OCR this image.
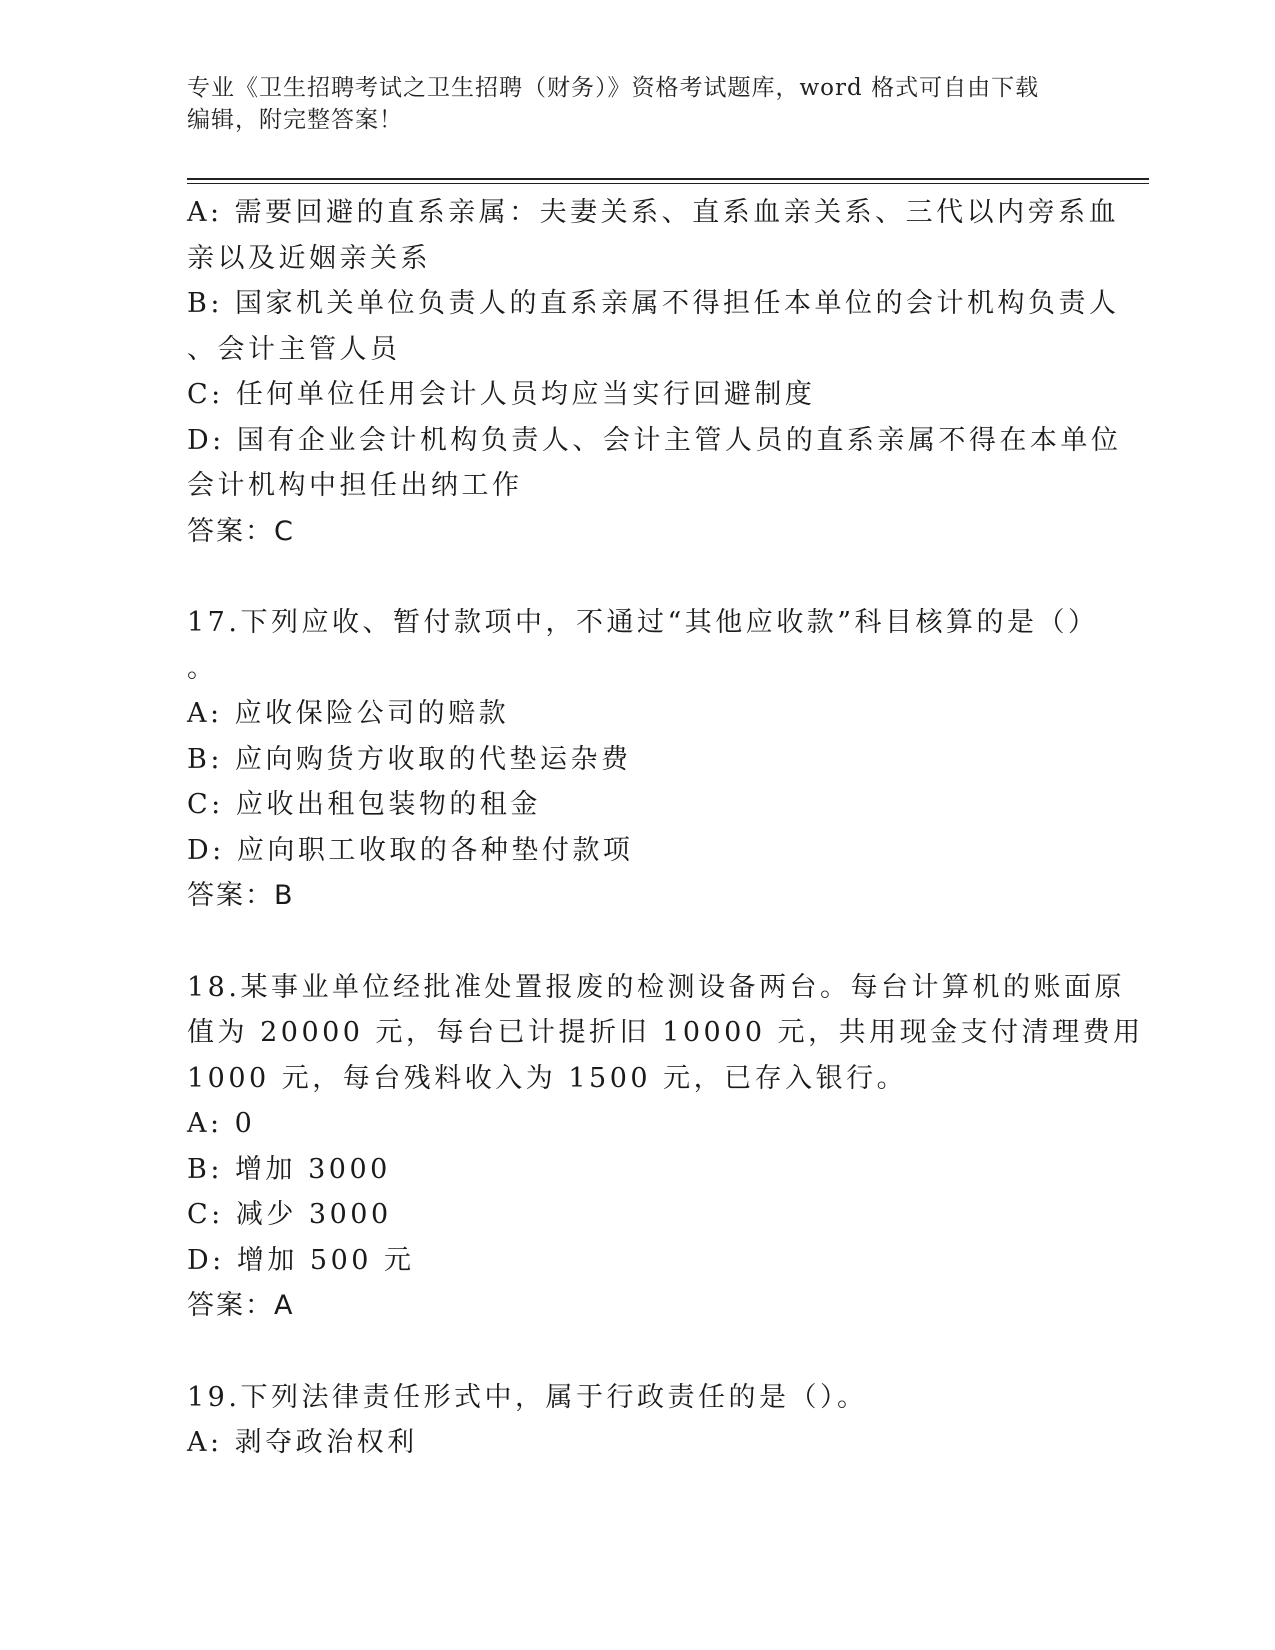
专业《卫生招聘考试之卫生招聘（财务）》资格考试题库，word 格式可自由下载
编辑，附完整答案！
A: 需要回避的直系亲属：夫妻关系、直系血亲关系、三代以内旁系血
亲以及近姻亲关系
B: 国家机关单位负责人的直系亲属不得担任本单位的会计机构负责人
、会计主管人员
C: 任何单位任用会计人员均应当实行回避制度
D: 国有企业会计机构负责人、会计主管人员的直系亲属不得在本单位
会计机构中担任出纳工作
答案：C
17.下列应收、暂付款项中，不通过“其他应收款”科目核算的是（）
。
A: 应收保险公司的赔款
B: 应向购货方收取的代垫运杂费
C: 应收出租包装物的租金
D: 应向职工收取的各种垫付款项
答案：B
18.某事业单位经批准处置报废的检测设备两台。每台计算机的账面原
值为 20000 元，每台已计提折旧 10000 元，共用现金支付清理费用
1000 元，每台残料收入为 1500 元，已存入银行。
A: 0
B: 增加 3000
C: 减少 3000
D: 增加 500 元
答案：A
19.下列法律责任形式中，属于行政责任的是（）。
A: 剥夺政治权利
